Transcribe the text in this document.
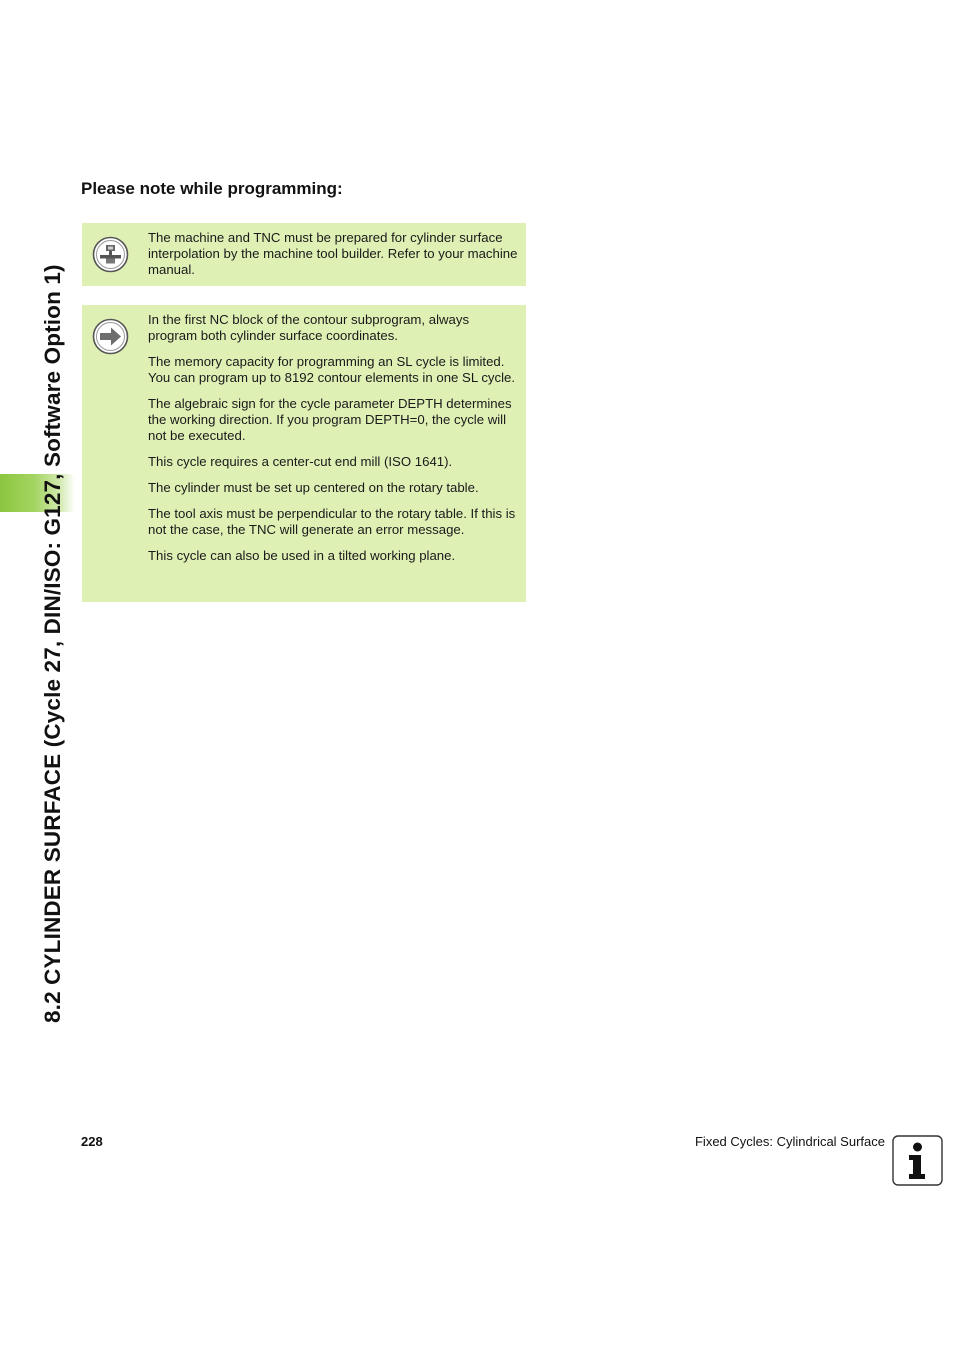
8.2 CYLINDER SURFACE (Cycle 27, DIN/ISO: G127, Software Option 1)
Please note while programming:
The machine and TNC must be prepared for cylinder surface interpolation by the machine tool builder. Refer to your machine manual.

In the first NC block of the contour subprogram, always program both cylinder surface coordinates.

The memory capacity for programming an SL cycle is limited. You can program up to 8192 contour elements in one SL cycle.

The algebraic sign for the cycle parameter DEPTH determines the working direction. If you program DEPTH=0, the cycle will not be executed.

This cycle requires a center-cut end mill (ISO 1641).

The cylinder must be set up centered on the rotary table.

The tool axis must be perpendicular to the rotary table. If this is not the case, the TNC will generate an error message.

This cycle can also be used in a tilted working plane.

228	Fixed Cycles: Cylindrical Surface
